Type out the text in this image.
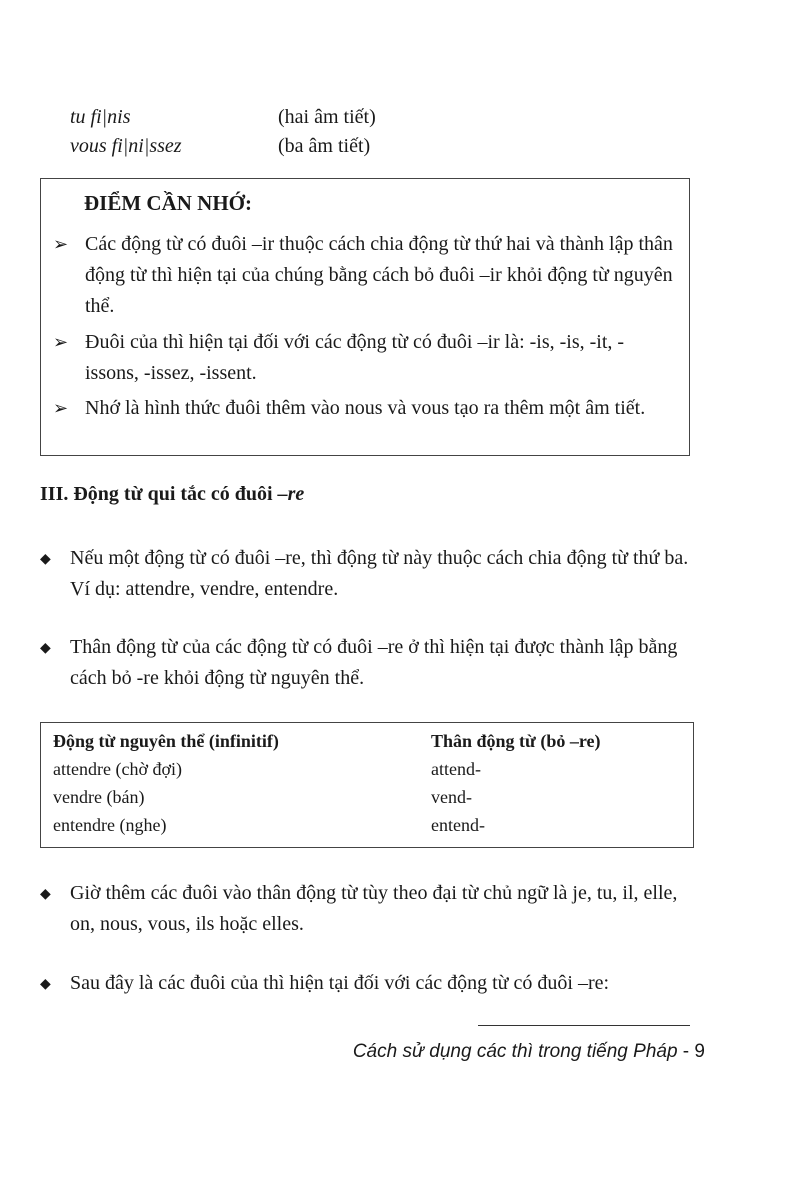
tu fi|nis	(hai âm tiết)
vous fi|ni|ssez	(ba âm tiết)
ĐIỂM CẦN NHỚ:
➢ Các động từ có đuôi –ir thuộc cách chia động từ thứ hai và thành lập thân động từ thì hiện tại của chúng bằng cách bỏ đuôi –ir khỏi động từ nguyên thể.
➢ Đuôi của thì hiện tại đối với các động từ có đuôi –ir là: -is, -is, -it, -issons, -issez, -issent.
➢ Nhớ là hình thức đuôi thêm vào nous và vous tạo ra thêm một âm tiết.
III. Động từ qui tắc có đuôi –re
◆ Nếu một động từ có đuôi –re, thì động từ này thuộc cách chia động từ thứ ba. Ví dụ: attendre, vendre, entendre.
◆ Thân động từ của các động từ có đuôi –re ở thì hiện tại được thành lập bằng cách bỏ -re khỏi động từ nguyên thể.
Động từ nguyên thể (infinitif)	Thân động từ (bỏ –re)
attendre (chờ đợi)	attend-
vendre (bán)	vend-
entendre (nghe)	entend-
◆ Giờ thêm các đuôi vào thân động từ tùy theo đại từ chủ ngữ là je, tu, il, elle, on, nous, vous, ils hoặc elles.
◆ Sau đây là các đuôi của thì hiện tại đối với các động từ có đuôi –re:
Cách sử dụng các thì trong tiếng Pháp - 9
